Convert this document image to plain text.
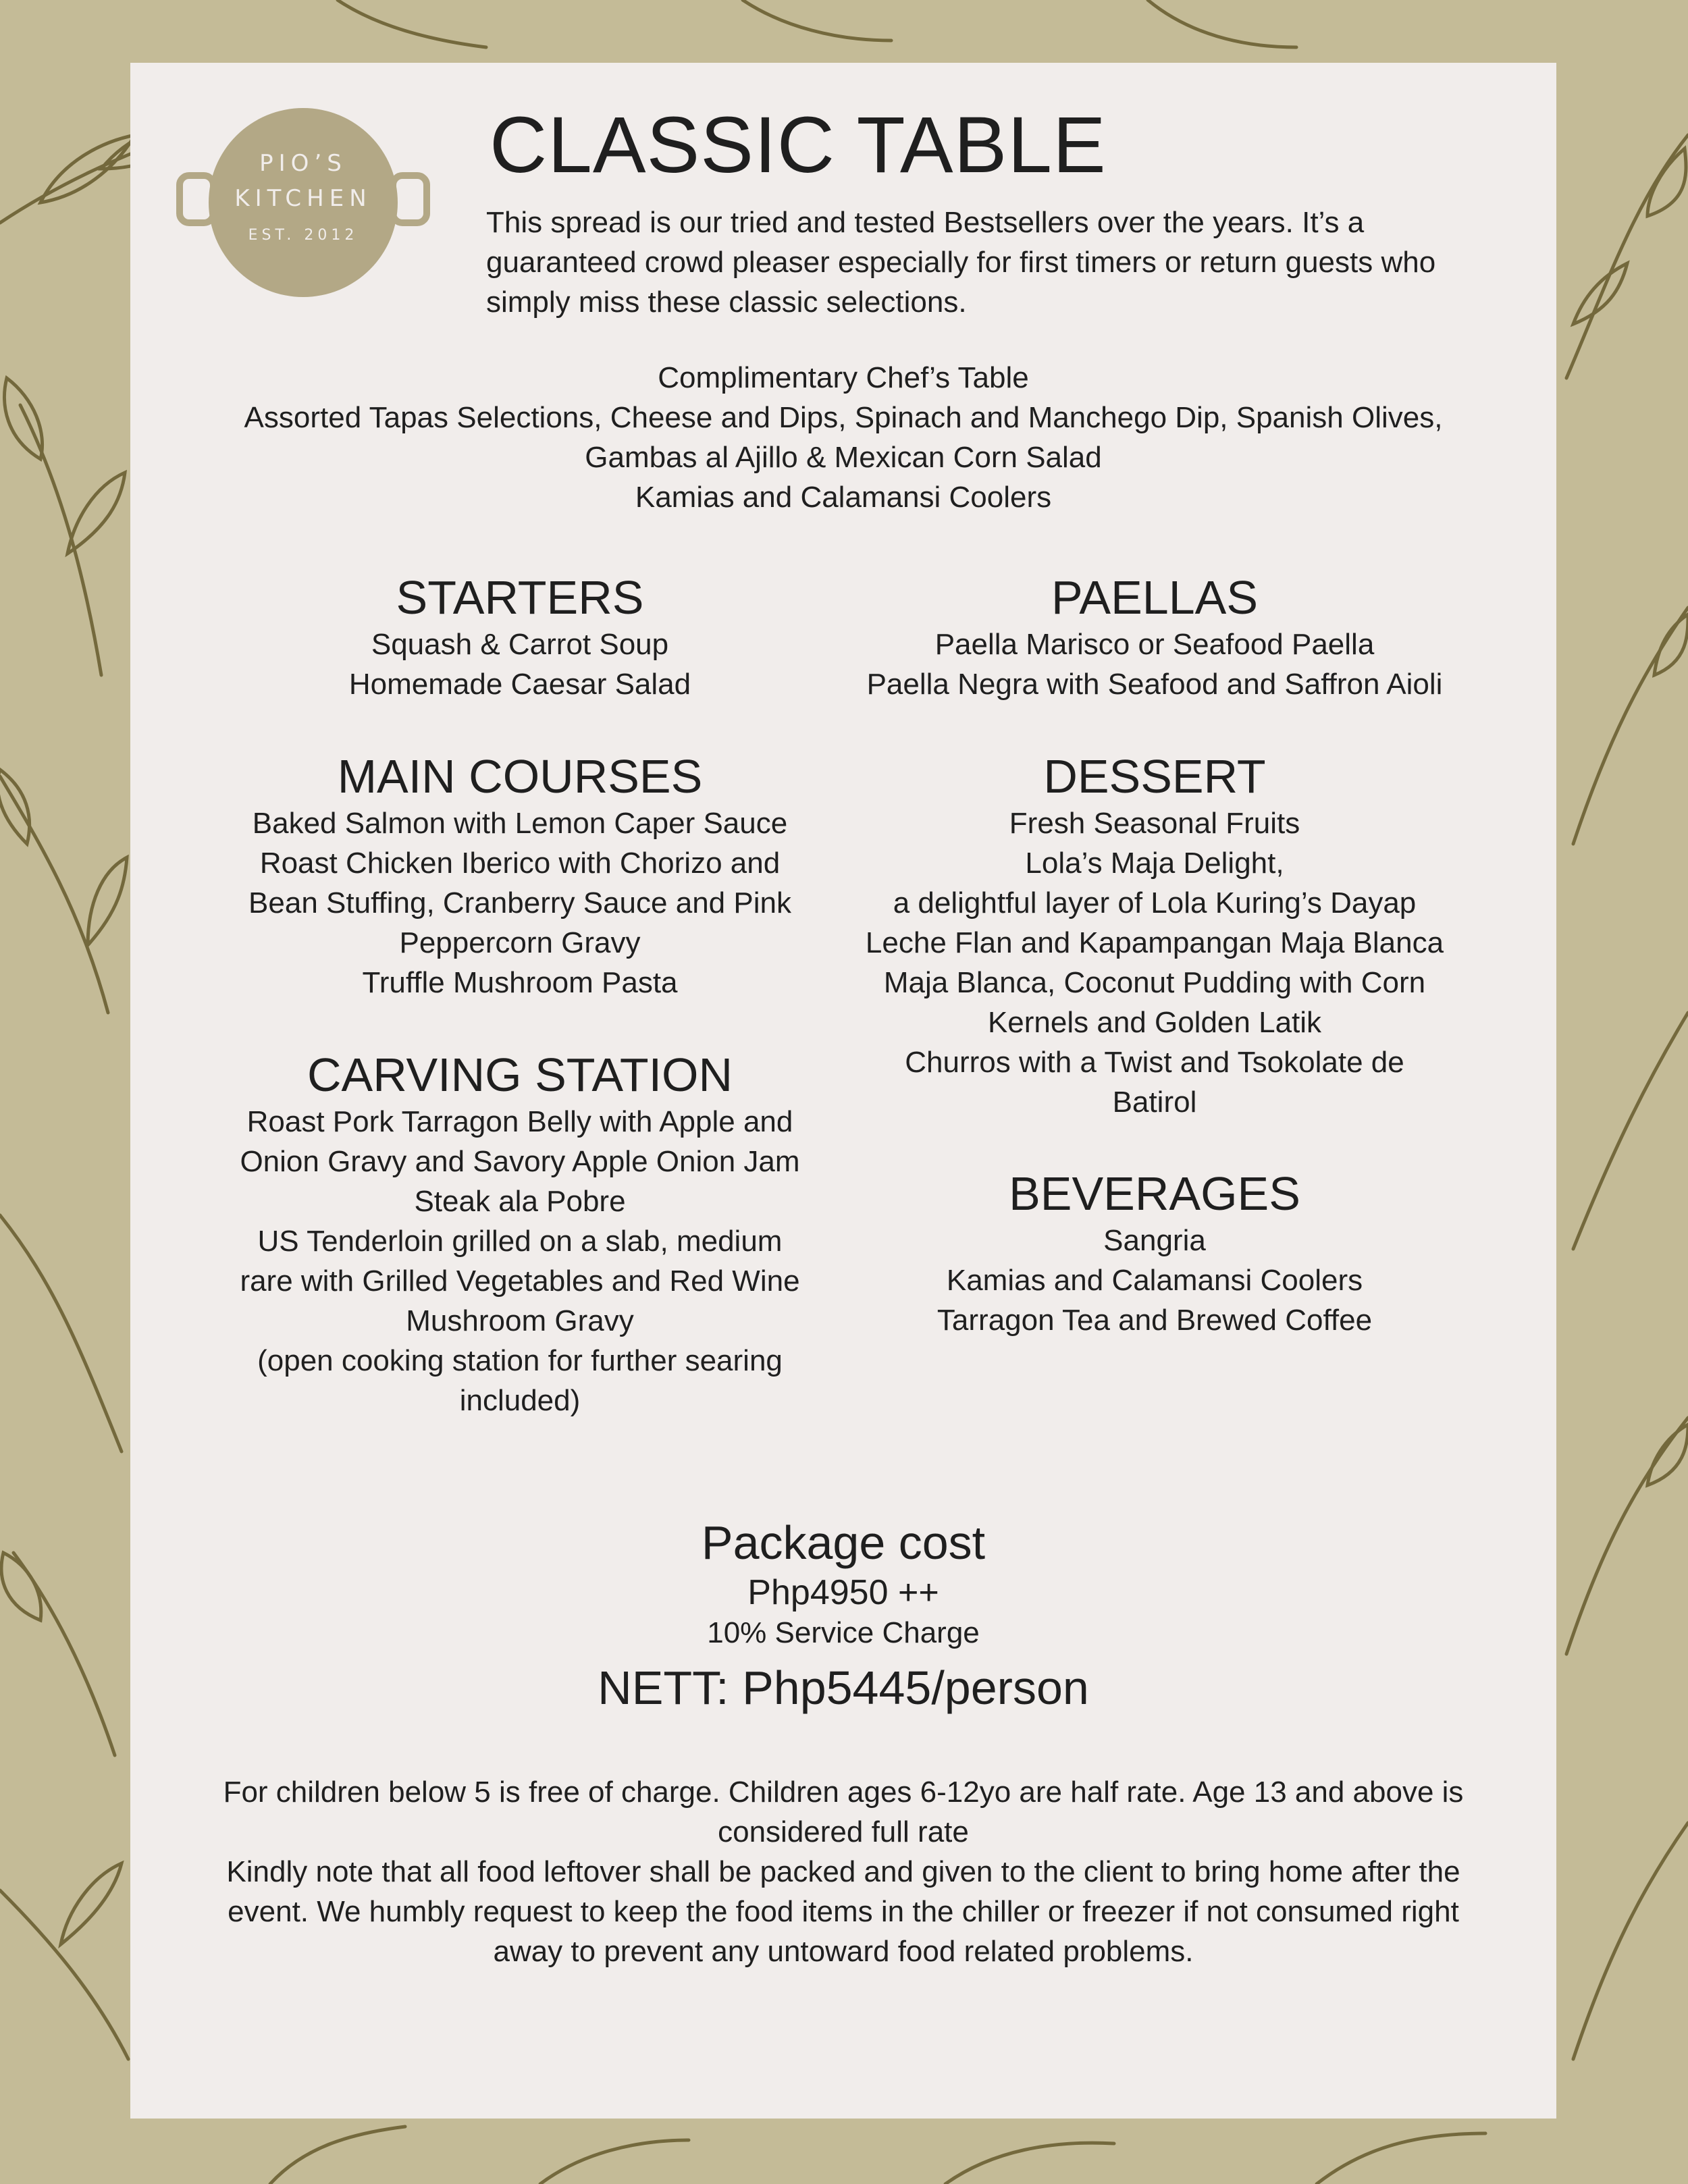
PIO’S
KITCHEN
EST. 2012
CLASSIC TABLE

This spread is our tried and tested Bestsellers over the years. It’s a guaranteed crowd pleaser especially for first timers or return guests who simply miss these classic selections.

Complimentary Chef’s Table
Assorted Tapas Selections, Cheese and Dips, Spinach and Manchego Dip, Spanish Olives,
Gambas al Ajillo & Mexican Corn Salad
Kamias and Calamansi Coolers
STARTERS
Squash & Carrot Soup
Homemade Caesar Salad
MAIN COURSES
Baked Salmon with Lemon Caper Sauce
Roast Chicken Iberico with Chorizo and
Bean Stuffing, Cranberry Sauce and Pink
Peppercorn Gravy
Truffle Mushroom Pasta
CARVING STATION
Roast Pork Tarragon Belly with Apple and
Onion Gravy and Savory Apple Onion Jam
Steak ala Pobre
US Tenderloin grilled on a slab, medium
rare with Grilled Vegetables and Red Wine
Mushroom Gravy
(open cooking station for further searing
included)
PAELLAS
Paella Marisco or Seafood Paella
Paella Negra with Seafood and Saffron Aioli
DESSERT
Fresh Seasonal Fruits
Lola’s Maja Delight,
a delightful layer of Lola Kuring’s Dayap
Leche Flan and Kapampangan Maja Blanca
Maja Blanca, Coconut Pudding with Corn
Kernels and Golden Latik
Churros with a Twist and Tsokolate de
Batirol
BEVERAGES
Sangria
Kamias and Calamansi Coolers
Tarragon Tea and Brewed Coffee
Package cost
Php4950 ++
10% Service Charge
NETT: Php5445/person
For children below 5 is free of charge. Children ages 6-12yo are half rate. Age 13 and above is
considered full rate
Kindly note that all food leftover shall be packed and given to the client to bring home after the
event. We humbly request to keep the food items in the chiller or freezer if not consumed right
away to prevent any untoward food related problems.
